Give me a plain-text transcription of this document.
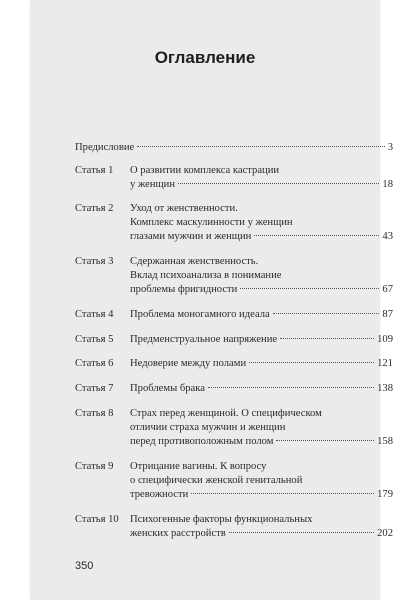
Оглавление
Предисловие	3
Статья 1 О развитии комплекса кастрации
у женщин	18
Статья 2 Уход от женственности.
Комплекс маскулинности у женщин
глазами мужчин и женщин	43
Статья 3 Сдержанная женственность.
Вклад психоанализа в понимание
проблемы фригидности	67
Статья 4 Проблема моногамного идеала	87
Статья 5 Предменструальное напряжение	109
Статья 6 Недоверие между полами	121
Статья 7 Проблемы брака	138
Статья 8 Страх перед женщиной. О специфическом
отличии страха мужчин и женщин
перед противоположным полом	158
Статья 9 Отрицание вагины. К вопросу
о специфически женской генитальной
тревожности	179
Статья 10 Психогенные факторы функциональных
женских расстройств	202
350
